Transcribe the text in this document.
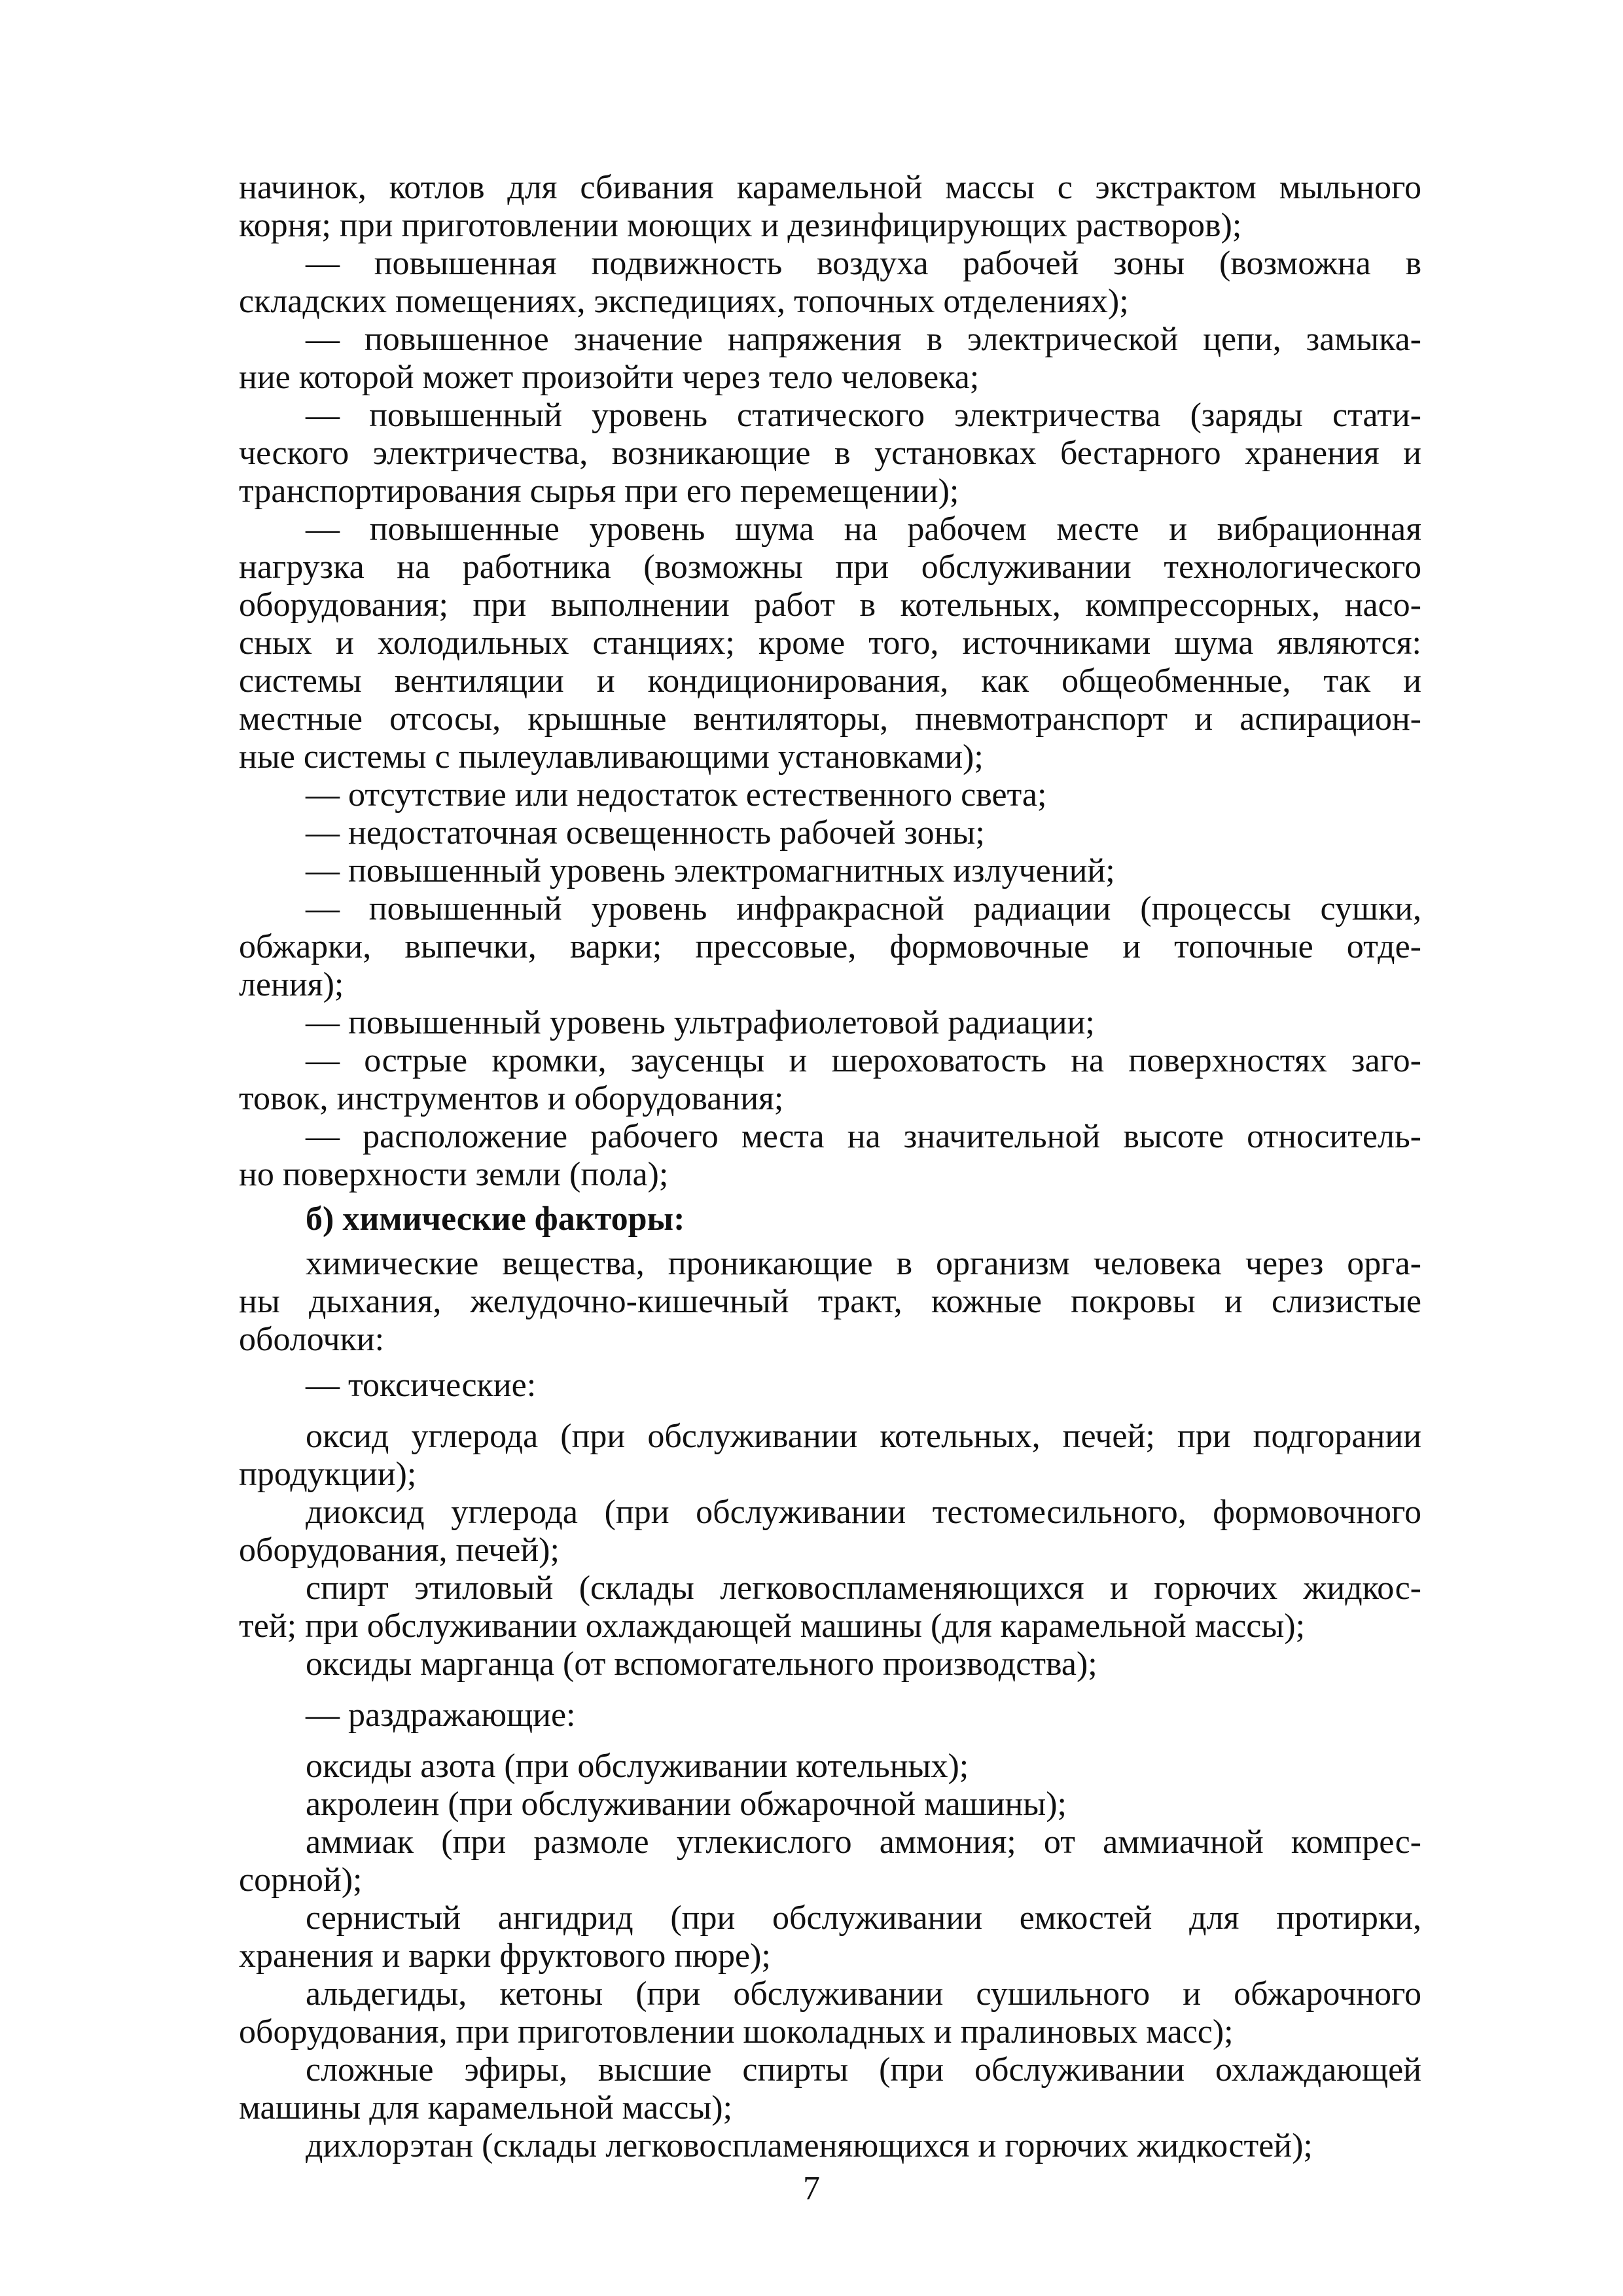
начинок, котлов для сбивания карамельной массы с экстрактом мыльного
корня; при приготовлении моющих и дезинфицирующих растворов);
— повышенная подвижность воздуха рабочей зоны (возможна в
складских помещениях, экспедициях, топочных отделениях);
— повышенное значение напряжения в электрической цепи, замыка-
ние которой может произойти через тело человека;
— повышенный уровень статического электричества (заряды стати-
ческого электричества, возникающие в установках бестарного хранения и
транспортирования сырья при его перемещении);
— повышенные уровень шума на рабочем месте и вибрационная
нагрузка на работника (возможны при обслуживании технологического
оборудования; при выполнении работ в котельных, компрессорных, насо-
сных и холодильных станциях; кроме того, источниками шума являются:
системы вентиляции и кондиционирования, как общеобменные, так и
местные отсосы, крышные вентиляторы, пневмотранспорт и аспирацион-
ные системы с пылеулавливающими установками);
— отсутствие или недостаток естественного света;
— недостаточная освещенность рабочей зоны;
— повышенный уровень электромагнитных излучений;
— повышенный уровень инфракрасной радиации (процессы сушки,
обжарки, выпечки, варки; прессовые, формовочные и топочные отде-
ления);
— повышенный уровень ультрафиолетовой радиации;
— острые кромки, заусенцы и шероховатость на поверхностях заго-
товок, инструментов и оборудования;
— расположение рабочего места на значительной высоте относитель-
но поверхности земли (пола);
б) химические факторы:
химические вещества, проникающие в организм человека через орга-
ны дыхания, желудочно-кишечный тракт, кожные покровы и слизистые
оболочки:
— токсические:
оксид углерода (при обслуживании котельных, печей; при подгорании
продукции);
диоксид углерода (при обслуживании тестомесильного, формовочного
оборудования, печей);
спирт этиловый (склады легковоспламеняющихся и горючих жидкос-
тей; при обслуживании охлаждающей машины (для карамельной массы);
оксиды марганца (от вспомогательного производства);
— раздражающие:
оксиды азота (при обслуживании котельных);
акролеин (при обслуживании обжарочной машины);
аммиак (при размоле углекислого аммония; от аммиачной компрес-
сорной);
сернистый ангидрид (при обслуживании емкостей для протирки,
хранения и варки фруктового пюре);
альдегиды, кетоны (при обслуживании сушильного и обжарочного
оборудования, при приготовлении шоколадных и пралиновых масс);
сложные эфиры, высшие спирты (при обслуживании охлаждающей
машины для карамельной массы);
дихлорэтан (склады легковоспламеняющихся и горючих жидкостей);
7
